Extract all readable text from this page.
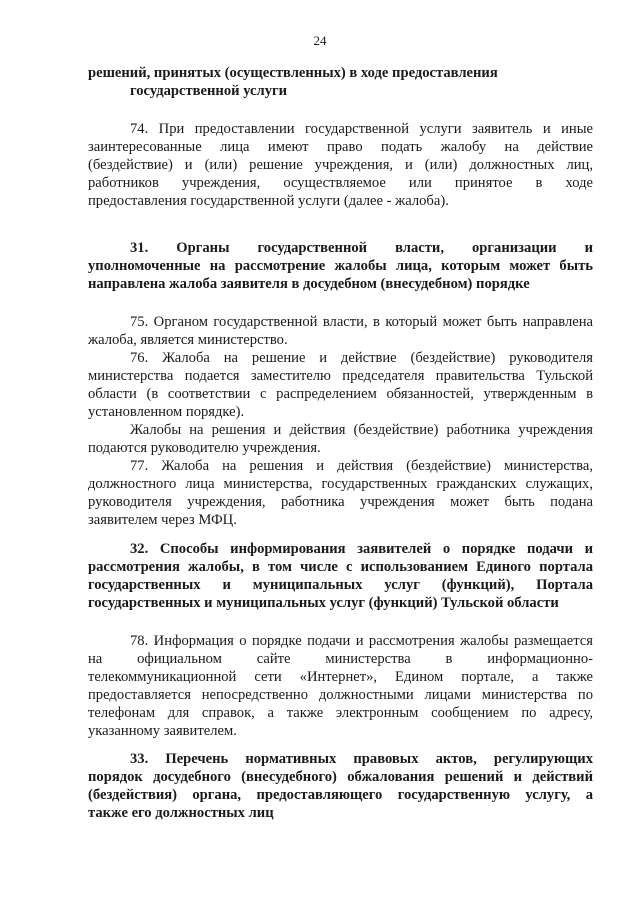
24
решений, принятых (осуществленных) в ходе предоставления
государственной услуги
74. При предоставлении государственной услуги заявитель и иные
заинтересованные лица имеют право подать жалобу на действие
(бездействие) и (или) решение учреждения, и (или) должностных лиц,
работников учреждения, осуществляемое или принятое в ходе
предоставления государственной услуги (далее - жалоба).
31. Органы государственной власти, организации и
уполномоченные на рассмотрение жалобы лица, которым может быть
направлена жалоба заявителя в досудебном (внесудебном) порядке
75. Органом государственной власти, в который может быть направлена
жалоба, является министерство.
76. Жалоба на решение и действие (бездействие) руководителя
министерства подается заместителю председателя правительства Тульской
области (в соответствии с распределением обязанностей, утвержденным в
установленном порядке).
Жалобы на решения и действия (бездействие) работника учреждения
подаются руководителю учреждения.
77. Жалоба на решения и действия (бездействие) министерства,
должностного лица министерства, государственных гражданских служащих,
руководителя учреждения, работника учреждения может быть подана
заявителем через МФЦ.
32. Способы информирования заявителей о порядке подачи и
рассмотрения жалобы, в том числе с использованием Единого портала
государственных и муниципальных услуг (функций), Портала
государственных и муниципальных услуг (функций) Тульской области
78. Информация о порядке подачи и рассмотрения жалобы размещается
на официальном сайте министерства в информационно-
телекоммуникационной сети «Интернет», Едином портале, а также
предоставляется непосредственно должностными лицами министерства по
телефонам для справок, а также электронным сообщением по адресу,
указанному заявителем.
33. Перечень нормативных правовых актов, регулирующих
порядок досудебного (внесудебного) обжалования решений и действий
(бездействия) органа, предоставляющего государственную услугу, а
также его должностных лиц
